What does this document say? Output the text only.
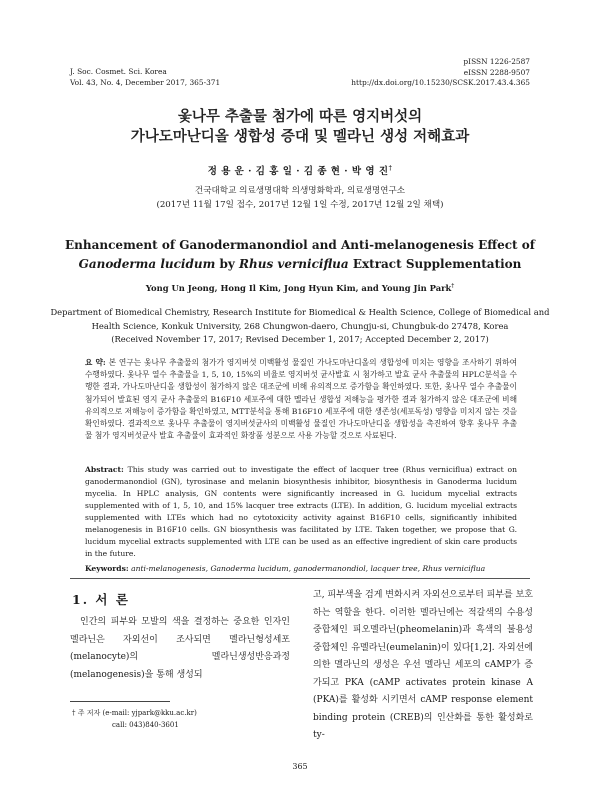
J. Soc. Cosmet. Sci. Korea
Vol. 43, No. 4, December 2017, 365-371
pISSN 1226-2587
eISSN 2288-9507
http://dx.doi.org/10.15230/SCSK.2017.43.4.365
옻나무 추출물 첨가에 따른 영지버섯의
가나도마난디올 생합성 증대 및 멜라닌 생성 저해효과
정 용 운 · 김 홍 일 · 김 종 현 · 박 영 진†
건국대학교 의료생명대학 의생명화학과, 의료생명연구소
(2017년 11월 17일 접수, 2017년 12월 1일 수정, 2017년 12월 2일 채택)
Enhancement of Ganodermanondiol and Anti-melanogenesis Effect of
Ganoderma lucidum by Rhus verniciflua Extract Supplementation
Yong Un Jeong, Hong Il Kim, Jong Hyun Kim, and Young Jin Park†
Department of Biomedical Chemistry, Research Institute for Biomedical & Health Science, College of Biomedical and Health Science, Konkuk University, 268 Chungwon-daero, Chungju-si, Chungbuk-do 27478, Korea
(Received November 17, 2017; Revised December 1, 2017; Accepted December 2, 2017)
요 약: 본 연구는 옻나무 추출물의 첨가가 영지버섯 미백활성 물질인 가나도마난디올의 생합성에 미치는 영향을 조사하기 위하여 수행하였다. 옻나무 열수 추출물을 1, 5, 10, 15%의 비율로 영지버섯 균사발효 시 첨가하고 발효 균사 추출물의 HPLC분석을 수행한 결과, 가나도마난디올 생합성이 첨가하지 않은 대조군에 비해 유의적으로 증가함을 확인하였다. 또한, 옻나무 열수 추출물이 첨가되어 발효된 영지 균사 추출물의 B16F10 세포주에 대한 멜라닌 생합성 저해능을 평가한 결과 첨가하지 않은 대조군에 비해 유의적으로 저해능이 증가함을 확인하였고, MTT분석을 통해 B16F10 세포주에 대한 생존성(세포독성) 영향을 미치지 않는 것을 확인하였다. 결과적으로 옻나무 추출물이 영지버섯균사의 미백활성 물질인 가나도마난디올 생합성을 촉진하여 향후 옻나무 추출물 첨가 영지버섯균사 발효 추출물이 효과적인 화장품 성분으로 사용 가능할 것으로 사료된다.
Abstract: This study was carried out to investigate the effect of lacquer tree (Rhus verniciflua) extract on ganodermanondiol (GN), tyrosinase and melanin biosynthesis inhibitor, biosynthesis in Ganoderma lucidum mycelia. In HPLC analysis, GN contents were significantly increased in G. lucidum mycelial extracts supplemented with of 1, 5, 10, and 15% lacquer tree extracts (LTE). In addition, G. lucidum mycelial extracts supplemented with LTEs which had no cytotoxicity activity against B16F10 cells, significantly inhibited melanogenesis in B16F10 cells. GN biosynthesis was facilitated by LTE. Taken together, we propose that G. lucidum mycelial extracts supplemented with LTE can be used as an effective ingredient of skin care products in the future.
Keywords: anti-melanogenesis, Ganoderma lucidum, ganodermanondiol, lacquer tree, Rhus verniciflua
1. 서 론
인간의 피부와 모발의 색을 결정하는 중요한 인자인 멜라닌은 자외선이 조사되면 멜라닌형성세포(melanocyte)의 멜라닌생성반응과정(melanogenesis)을 통해 생성되
고, 피부색을 검게 변화시켜 자외선으로부터 피부를 보호하는 역할을 한다. 이러한 멜라닌에는 적갈색의 수용성 중합체인 피오멜라닌(pheomelanin)과 흑색의 불용성 중합체인 유멜라닌(eumelanin)이 있다[1,2]. 자외선에 의한 멜라닌의 생성은 우선 멜라닌 세포의 cAMP가 증가되고 PKA (cAMP activates protein kinase A (PKA)를 활성화 시키면서 cAMP response element binding protein (CREB)의 인산화를 통한 활성화로 ty-
† 주 저자 (e-mail: yjpark@kku.ac.kr)
call: 043)840-3601
365
